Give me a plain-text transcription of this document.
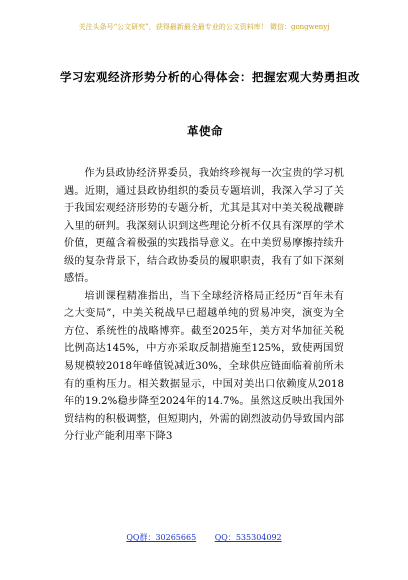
关注头条号“公文研究”，获得最新最全最专业的公文资料库！ 微信：gongwenyj
学习宏观经济形势分析的心得体会：把握宏观大势勇担改
革使命

作为县政协经济界委员，我始终珍视每一次宝贵的学习机遇。近期，通过县政协组织的委员专题培训，我深入学习了关于我国宏观经济形势的专题分析，尤其是其对中美关税战鞭辟入里的研判。我深刻认识到这些理论分析不仅具有深厚的学术价值，更蕴含着极强的实践指导意义。在中美贸易摩擦持续升级的复杂背景下，结合政协委员的履职职责，我有了如下深刻感悟。

培训课程精准指出，当下全球经济格局正经历“百年未有之大变局”，中美关税战早已超越单纯的贸易冲突，演变为全方位、系统性的战略博弈。截至2025年，美方对华加征关税比例高达145%，中方亦采取反制措施至125%，致使两国贸易规模较2018年峰值锐减近30%，全球供应链面临着前所未有的重构压力。相关数据显示，中国对美出口依赖度从2018年的19.2%稳步降至2024年的14.7%。虽然这反映出我国外贸结构的积极调整，但短期内，外需的剧烈波动仍导致国内部分行业产能利用率下降3

QQ群：30265665 QQ：535304092
